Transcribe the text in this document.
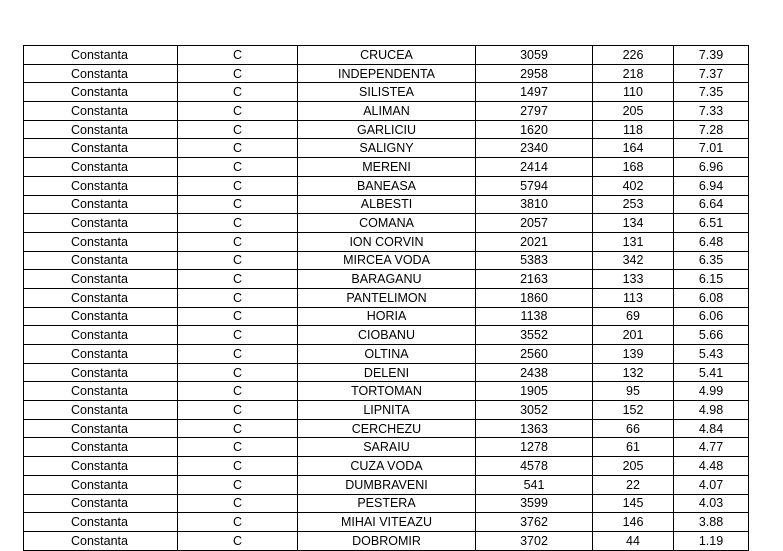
Constanta	C	CRUCEA	3059	226	7.39
Constanta	C	INDEPENDENTA	2958	218	7.37
Constanta	C	SILISTEA	1497	110	7.35
Constanta	C	ALIMAN	2797	205	7.33
Constanta	C	GARLICIU	1620	118	7.28
Constanta	C	SALIGNY	2340	164	7.01
Constanta	C	MERENI	2414	168	6.96
Constanta	C	BANEASA	5794	402	6.94
Constanta	C	ALBESTI	3810	253	6.64
Constanta	C	COMANA	2057	134	6.51
Constanta	C	ION CORVIN	2021	131	6.48
Constanta	C	MIRCEA VODA	5383	342	6.35
Constanta	C	BARAGANU	2163	133	6.15
Constanta	C	PANTELIMON	1860	113	6.08
Constanta	C	HORIA	1138	69	6.06
Constanta	C	CIOBANU	3552	201	5.66
Constanta	C	OLTINA	2560	139	5.43
Constanta	C	DELENI	2438	132	5.41
Constanta	C	TORTOMAN	1905	95	4.99
Constanta	C	LIPNITA	3052	152	4.98
Constanta	C	CERCHEZU	1363	66	4.84
Constanta	C	SARAIU	1278	61	4.77
Constanta	C	CUZA VODA	4578	205	4.48
Constanta	C	DUMBRAVENI	541	22	4.07
Constanta	C	PESTERA	3599	145	4.03
Constanta	C	MIHAI VITEAZU	3762	146	3.88
Constanta	C	DOBROMIR	3702	44	1.19
